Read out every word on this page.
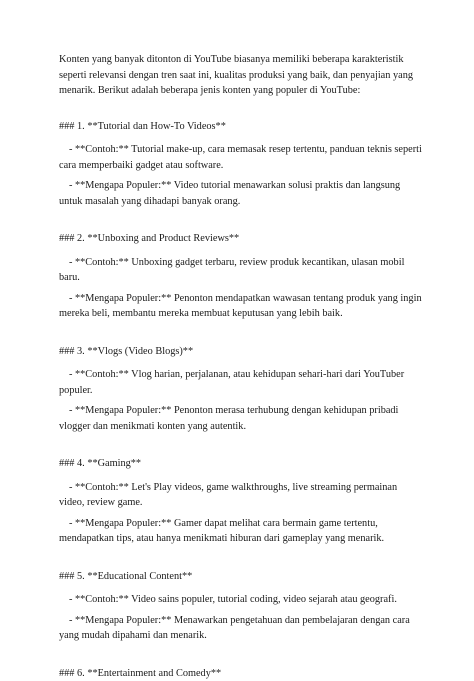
Konten yang banyak ditonton di YouTube biasanya memiliki beberapa karakteristik seperti relevansi dengan tren saat ini, kualitas produksi yang baik, dan penyajian yang menarik. Berikut adalah beberapa jenis konten yang populer di YouTube:

### 1. **Tutorial dan How-To Videos**

- **Contoh:** Tutorial make-up, cara memasak resep tertentu, panduan teknis seperti cara memperbaiki gadget atau software.

- **Mengapa Populer:** Video tutorial menawarkan solusi praktis dan langsung untuk masalah yang dihadapi banyak orang.

### 2. **Unboxing and Product Reviews**

- **Contoh:** Unboxing gadget terbaru, review produk kecantikan, ulasan mobil baru.

- **Mengapa Populer:** Penonton mendapatkan wawasan tentang produk yang ingin mereka beli, membantu mereka membuat keputusan yang lebih baik.

### 3. **Vlogs (Video Blogs)**

- **Contoh:** Vlog harian, perjalanan, atau kehidupan sehari-hari dari YouTuber populer.

- **Mengapa Populer:** Penonton merasa terhubung dengan kehidupan pribadi vlogger dan menikmati konten yang autentik.

### 4. **Gaming**

- **Contoh:** Let's Play videos, game walkthroughs, live streaming permainan video, review game.

- **Mengapa Populer:** Gamer dapat melihat cara bermain game tertentu, mendapatkan tips, atau hanya menikmati hiburan dari gameplay yang menarik.

### 5. **Educational Content**

- **Contoh:** Video sains populer, tutorial coding, video sejarah atau geografi.

- **Mengapa Populer:** Menawarkan pengetahuan dan pembelajaran dengan cara yang mudah dipahami dan menarik.

### 6. **Entertainment and Comedy**
